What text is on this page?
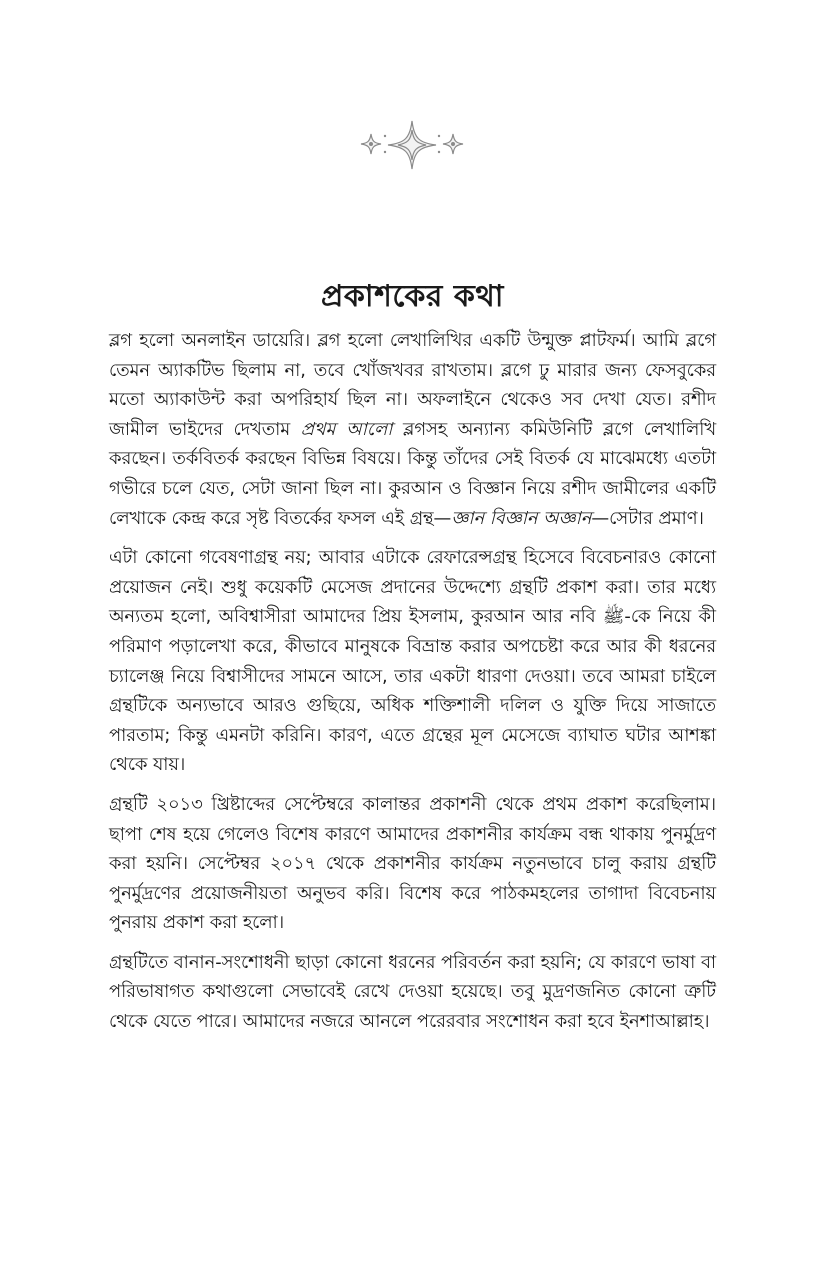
প্রকাশকের কথা

ব্লগ হলো অনলাইন ডায়েরি। ব্লগ হলো লেখালিখির একটি উন্মুক্ত প্লাটফর্ম। আমি ব্লগে তেমন অ্যাকটিভ ছিলাম না, তবে খোঁজখবর রাখতাম। ব্লগে ঢু মারার জন্য ফেসবুকের মতো অ্যাকাউন্ট করা অপরিহার্য ছিল না। অফলাইনে থেকেও সব দেখা যেত। রশীদ জামীল ভাইদের দেখতাম প্রথম আলো ব্লগসহ অন্যান্য কমিউনিটি ব্লগে লেখালিখি করছেন। তর্কবিতর্ক করছেন বিভিন্ন বিষয়ে। কিন্তু তাঁদের সেই বিতর্ক যে মাঝেমধ্যে এতটা গভীরে চলে যেত, সেটা জানা ছিল না। কুরআন ও বিজ্ঞান নিয়ে রশীদ জামীলের একটি লেখাকে কেন্দ্র করে সৃষ্ট বিতর্কের ফসল এই গ্রন্থ—জ্ঞান বিজ্ঞান অজ্ঞান—সেটার প্রমাণ।

এটা কোনো গবেষণাগ্রন্থ নয়; আবার এটাকে রেফারেন্সগ্রন্থ হিসেবে বিবেচনারও কোনো প্রয়োজন নেই। শুধু কয়েকটি মেসেজ প্রদানের উদ্দেশ্যে গ্রন্থটি প্রকাশ করা। তার মধ্যে অন্যতম হলো, অবিশ্বাসীরা আমাদের প্রিয় ইসলাম, কুরআন আর নবি ﷺ-কে নিয়ে কী পরিমাণ পড়ালেখা করে, কীভাবে মানুষকে বিভ্রান্ত করার অপচেষ্টা করে আর কী ধরনের চ্যালেঞ্জ নিয়ে বিশ্বাসীদের সামনে আসে, তার একটা ধারণা দেওয়া। তবে আমরা চাইলে গ্রন্থটিকে অন্যভাবে আরও গুছিয়ে, অধিক শক্তিশালী দলিল ও যুক্তি দিয়ে সাজাতে পারতাম; কিন্তু এমনটা করিনি। কারণ, এতে গ্রন্থের মূল মেসেজে ব্যাঘাত ঘটার আশঙ্কা থেকে যায়।

গ্রন্থটি ২০১৩ খ্রিষ্টাব্দের সেপ্টেম্বরে কালান্তর প্রকাশনী থেকে প্রথম প্রকাশ করেছিলাম। ছাপা শেষ হয়ে গেলেও বিশেষ কারণে আমাদের প্রকাশনীর কার্যক্রম বন্ধ থাকায় পুনর্মুদ্রণ করা হয়নি। সেপ্টেম্বর ২০১৭ থেকে প্রকাশনীর কার্যক্রম নতুনভাবে চালু করায় গ্রন্থটি পুনর্মুদ্রণের প্রয়োজনীয়তা অনুভব করি। বিশেষ করে পাঠকমহলের তাগাদা বিবেচনায় পুনরায় প্রকাশ করা হলো।

গ্রন্থটিতে বানান-সংশোধনী ছাড়া কোনো ধরনের পরিবর্তন করা হয়নি; যে কারণে ভাষা বা পরিভাষাগত কথাগুলো সেভাবেই রেখে দেওয়া হয়েছে। তবু মুদ্রণজনিত কোনো ত্রুটি থেকে যেতে পারে। আমাদের নজরে আনলে পরেরবার সংশোধন করা হবে ইনশাআল্লাহ।
